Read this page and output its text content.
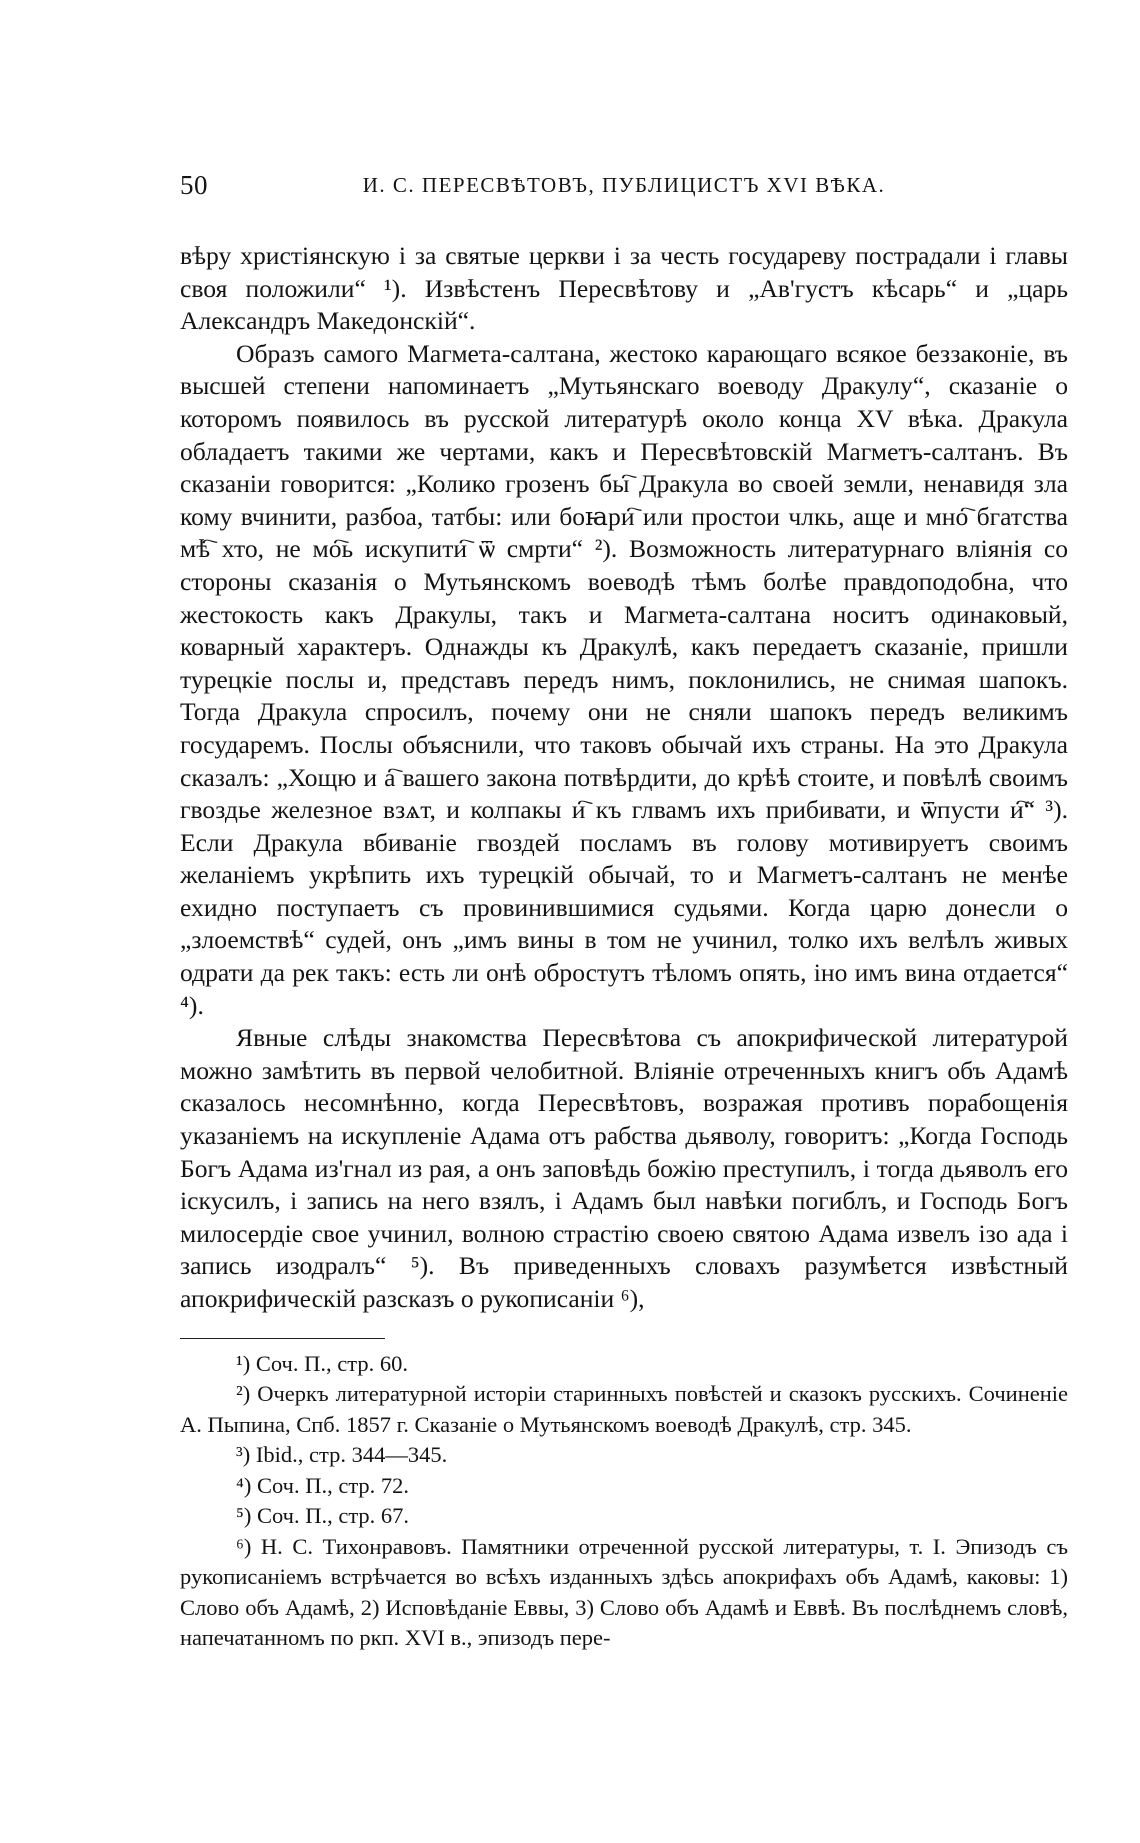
50	И. С. ПЕРЕСВѢТОВЪ, ПУБЛИЦИСТЪ XVI ВѢКА.

вѣру христіянскую і за святые церкви і за честь государеву пострадали і главы своя положили“ ¹). Извѣстенъ Пересвѣтову и „Ав'густъ кѣсарь“ и „царь Александръ Македонскій“.

Образъ самого Магмета-салтана, жестоко карающаго всякое беззаконіе, въ высшей степени напоминаетъ „Мутьянскаго воеводу Дракулу“, сказаніе о которомъ появилось въ русской литературѣ около конца XV вѣка. Дракула обладаетъ такими же чертами, какъ и Пересвѣтовскій Магметъ-салтанъ. Въ сказаніи говорится: „Колико грозенъ бы҇ Дракула во своей земли, ненавидя зла кому вчинити, разбоа, татбы: или боꙗри҇ или простои члкь, аще и мно҇ бгатства мѣ҇ хто, не мо҇ь искупити҇ ѿ смрти“ ²). Возможность литературнаго вліянія со стороны сказанія о Мутьянскомъ воеводѣ тѣмъ болѣе правдоподобна, что жестокость какъ Дракулы, такъ и Магмета-салтана носитъ одинаковый, коварный характеръ. Однажды къ Дракулѣ, какъ передаетъ сказаніе, пришли турецкіе послы и, представъ передъ нимъ, поклонились, не снимая шапокъ. Тогда Дракула спросилъ, почему они не сняли шапокъ передъ великимъ государемъ. Послы объяснили, что таковъ обычай ихъ страны. На это Дракула сказалъ: „Хощю и а҇ вашего закона потвѣрдити, до крѣѣ стоите, и повѣлѣ своимъ гвоздье железное взѧт, и колпакы и҇ къ глвамъ ихъ прибивати, и ѿпусти и҇“ ³). Если Дракула вбиваніе гвоздей посламъ въ голову мотивируетъ своимъ желаніемъ укрѣпить ихъ турецкій обычай, то и Магметъ-салтанъ не менѣе ехидно поступаетъ съ провинившимися судьями. Когда царю донесли о „злоемствѣ“ судей, онъ „имъ вины в том не учинил, толко ихъ велѣлъ живых одрати да рек такъ: есть ли онѣ обростутъ тѣломъ опять, іно имъ вина отдается“ ⁴).

Явные слѣды знакомства Пересвѣтова съ апокрифической литературой можно замѣтить въ первой челобитной. Вліяніе отреченныхъ книгъ объ Адамѣ сказалось несомнѣнно, когда Пересвѣтовъ, возражая противъ порабощенія указаніемъ на искупленіе Адама отъ рабства дьяволу, говоритъ: „Когда Господь Богъ Адама из'гнал из рая, а онъ заповѣдь божію преступилъ, і тогда дьяволъ его іскусилъ, і запись на него взялъ, і Адамъ был навѣки погиблъ, и Господь Богъ милосердіе свое учинил, волною страстію своею святою Адама извелъ ізо ада і запись изодралъ“ ⁵). Въ приведенныхъ словахъ разумѣется извѣстный апокрифическій разсказъ о рукописаніи ⁶),

¹) Соч. П., стр. 60.

²) Очеркъ литературной исторіи старинныхъ повѣстей и сказокъ русскихъ. Сочиненіе А. Пыпина, Спб. 1857 г. Сказаніе о Мутьянскомъ воеводѣ Дракулѣ, стр. 345.

³) Ibid., стр. 344—345.

⁴) Соч. П., стр. 72.

⁵) Соч. П., стр. 67.

⁶) Н. С. Тихонравовъ. Памятники отреченной русской литературы, т. I. Эпизодъ съ рукописаніемъ встрѣчается во всѣхъ изданныхъ здѣсь апокрифахъ объ Адамѣ, каковы: 1) Слово объ Адамѣ, 2) Исповѣданіе Еввы, 3) Слово объ Адамѣ и Еввѣ. Въ послѣднемъ словѣ, напечатанномъ по ркп. XVI в., эпизодъ пере-
